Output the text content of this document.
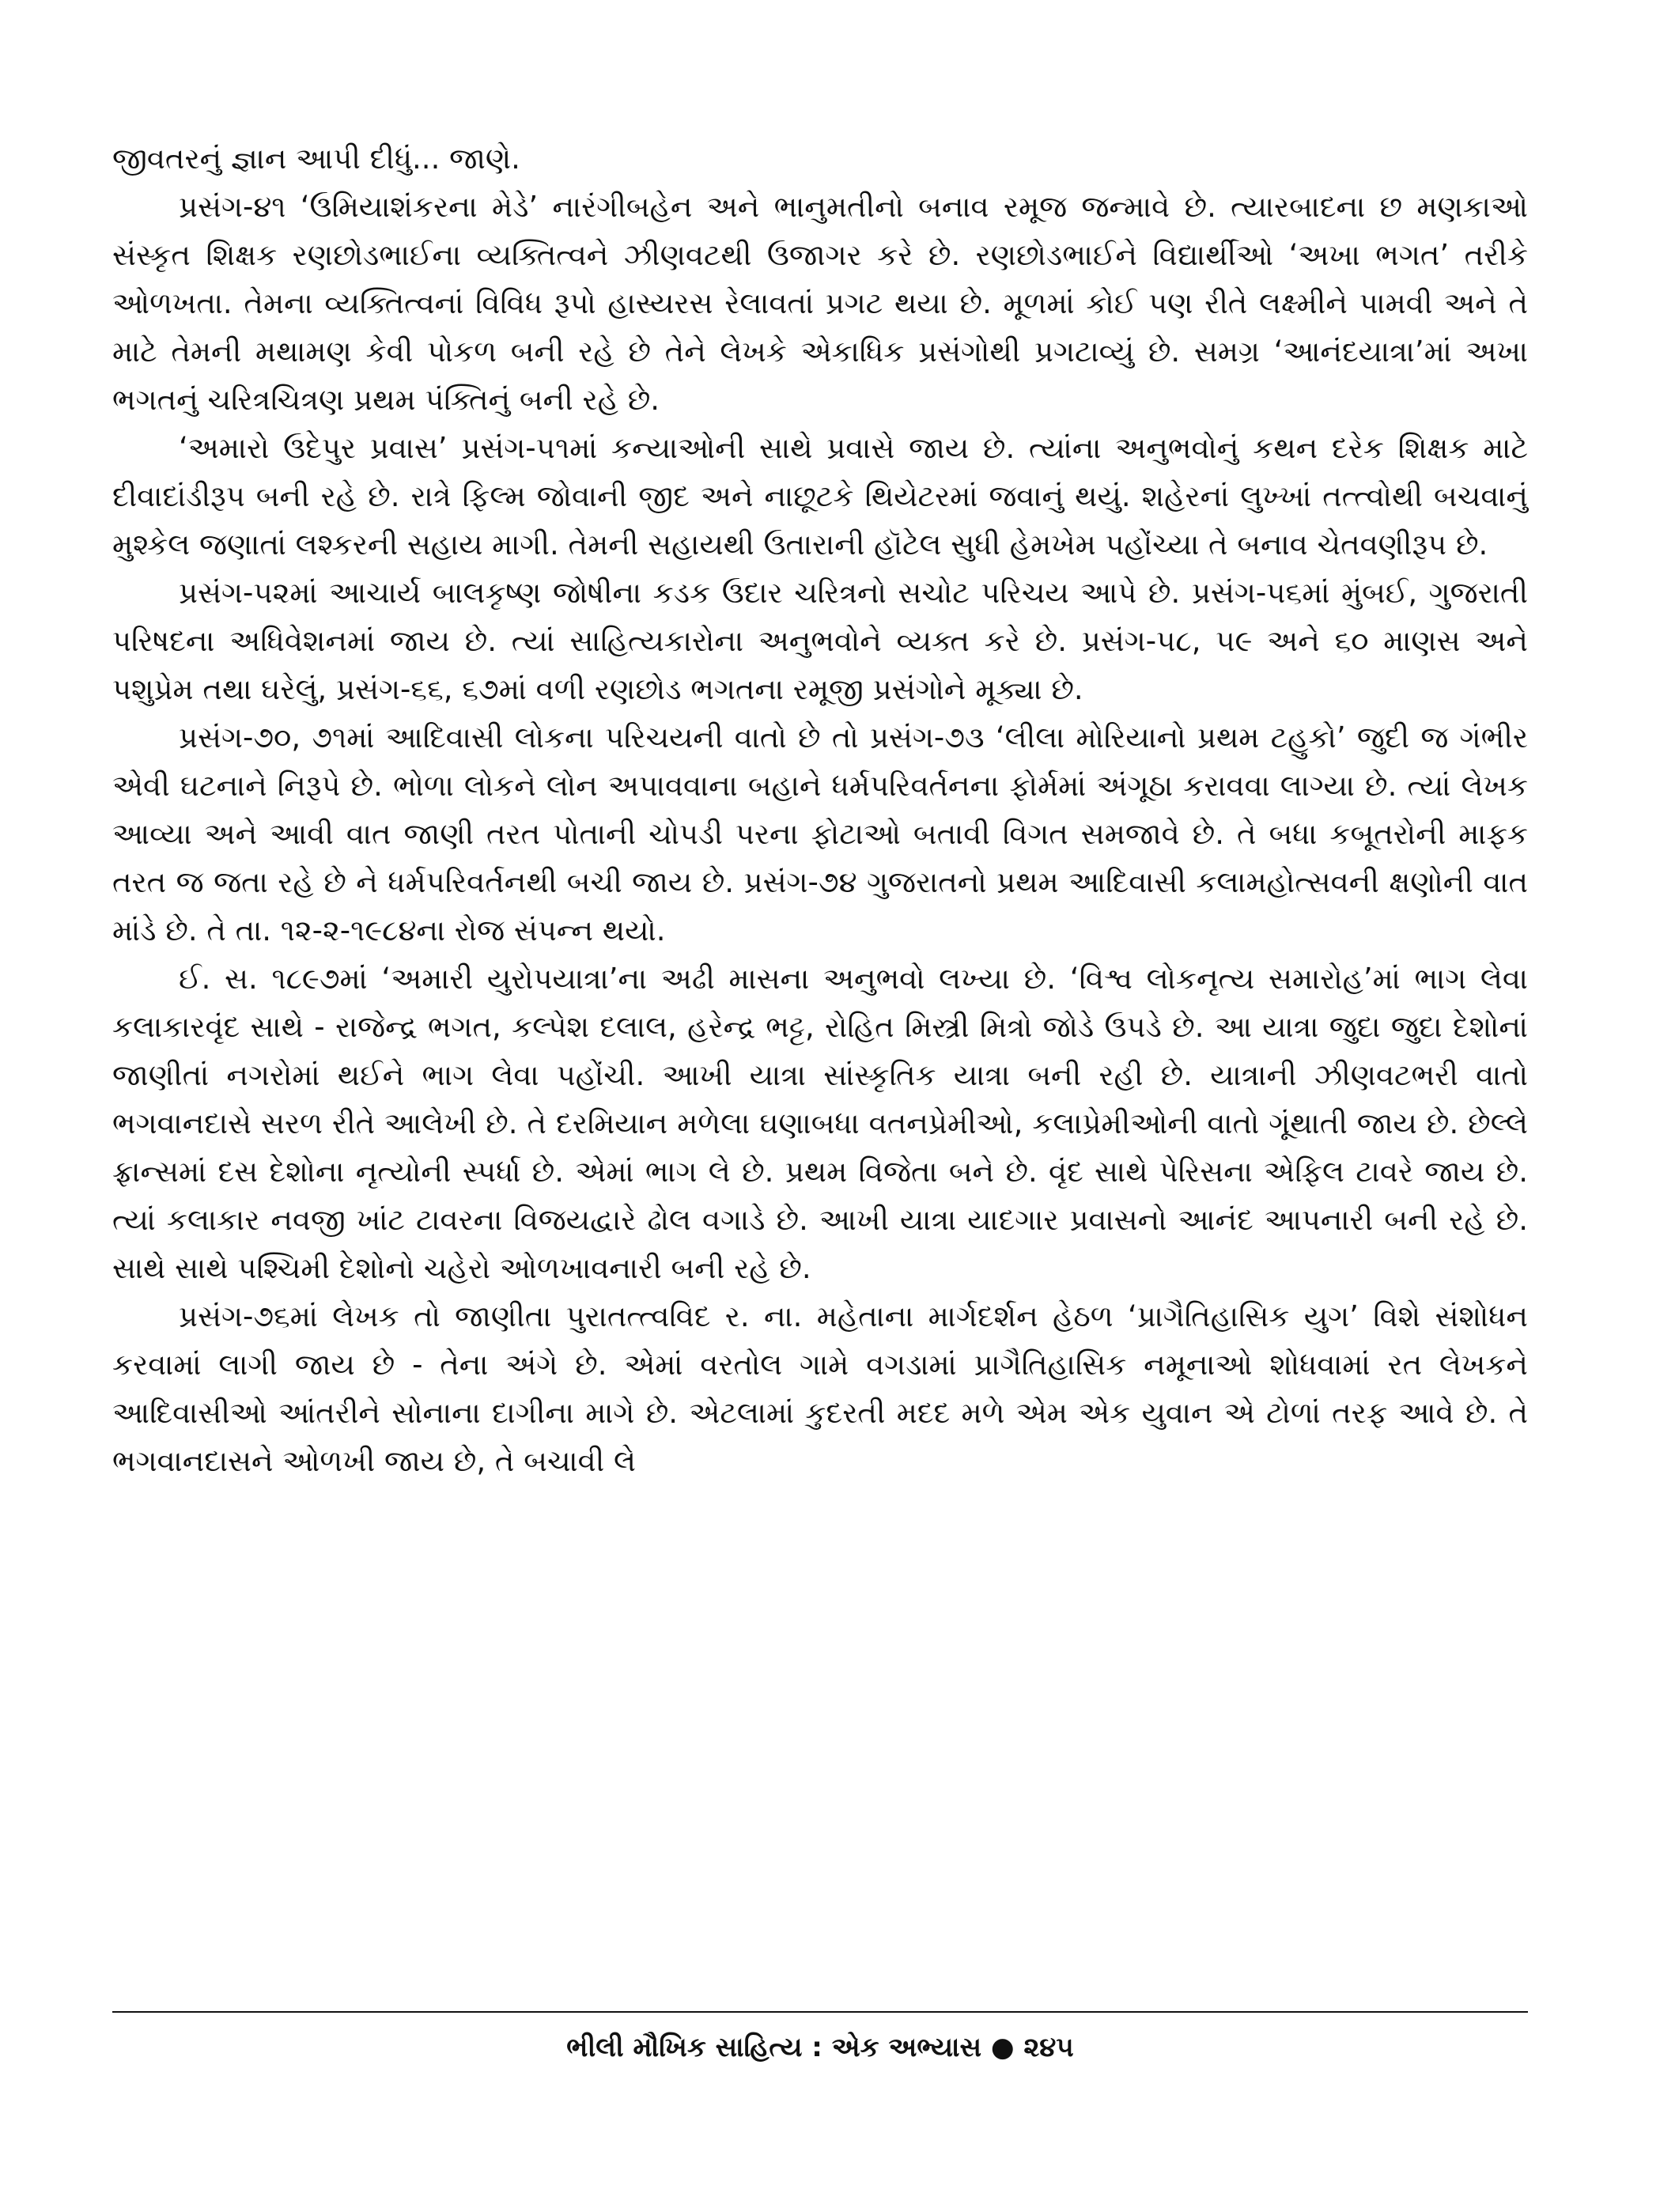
જીવતરનું જ્ઞાન આપી દીધું... જાણે.

પ્રસંગ-૪૧ ‘ઉમિયાશંકરના મેડે’ નારંગીબહેન અને ભાનુમતીનો બનાવ રમૂજ જન્માવે છે. ત્યારબાદના છ મણકાઓ સંસ્કૃત શિક્ષક રણછોડભાઈના વ્યક્તિત્વને ઝીણવટથી ઉજાગર કરે છે. રણછોડભાઈને વિદ્યાર્થીઓ ‘અખા ભગત’ તરીકે ઓળખતા. તેમના વ્યક્તિત્વનાં વિવિધ રૂપો હાસ્યરસ રેલાવતાં પ્રગટ થયા છે. મૂળમાં કોઈ પણ રીતે લક્ષ્મીને પામવી અને તે માટે તેમની મથામણ કેવી પોકળ બની રહે છે તેને લેખકે એકાધિક પ્રસંગોથી પ્રગટાવ્યું છે. સમગ્ર ‘આનંદયાત્રા’માં અખા ભગતનું ચરિત્રચિત્રણ પ્રથમ પંક્તિનું બની રહે છે.

‘અમારો ઉદેપુર પ્રવાસ’ પ્રસંગ-૫૧માં કન્યાઓની સાથે પ્રવાસે જાય છે. ત્યાંના અનુભવોનું કથન દરેક શિક્ષક માટે દીવાદાંડીરૂપ બની રહે છે. રાત્રે ફિલ્મ જોવાની જીદ અને નાછૂટકે થિયેટરમાં જવાનું થયું. શહેરનાં લુખ્ખાં તત્ત્વોથી બચવાનું મુશ્કેલ જણાતાં લશ્કરની સહાય માગી. તેમની સહાયથી ઉતારાની હૉટેલ સુધી હેમખેમ પહોંચ્યા તે બનાવ ચેતવણીરૂપ છે.

પ્રસંગ-૫૨માં આચાર્ય બાલકૃષ્ણ જોષીના કડક ઉદાર ચરિત્રનો સચોટ પરિચય આપે છે. પ્રસંગ-૫૬માં મુંબઈ, ગુજરાતી પરિષદના અધિવેશનમાં જાય છે. ત્યાં સાહિત્યકારોના અનુભવોને વ્યક્ત કરે છે. પ્રસંગ-૫૮, ૫૯ અને ૬૦ માણસ અને પશુપ્રેમ તથા ઘરેલું, પ્રસંગ-૬૬, ૬૭માં વળી રણછોડ ભગતના રમૂજી પ્રસંગોને મૂક્યા છે.

પ્રસંગ-૭૦, ૭૧માં આદિવાસી લોકના પરિચયની વાતો છે તો પ્રસંગ-૭૩ ‘લીલા મોરિયાનો પ્રથમ ટહુકો’ જુદી જ ગંભીર એવી ઘટનાને નિરૂપે છે. ભોળા લોકને લોન અપાવવાના બહાને ધર્મપરિવર્તનના ફોર્મમાં અંગૂઠા કરાવવા લાગ્યા છે. ત્યાં લેખક આવ્યા અને આવી વાત જાણી તરત પોતાની ચોપડી પરના ફોટાઓ બતાવી વિગત સમજાવે છે. તે બધા કબૂતરોની માફક તરત જ જતા રહે છે ને ધર્મપરિવર્તનથી બચી જાય છે. પ્રસંગ-૭૪ ગુજરાતનો પ્રથમ આદિવાસી કલામહોત્સવની ક્ષણોની વાત માંડે છે. તે તા. ૧૨-૨-૧૯૮૪ના રોજ સંપન્ન થયો.

ઈ. સ. ૧૮૯૭માં ‘અમારી યુરોપયાત્રા’ના અઢી માસના અનુભવો લખ્યા છે. ‘વિશ્વ લોકનૃત્ય સમારોહ’માં ભાગ લેવા કલાકારવૃંદ સાથે - રાજેન્દ્ર ભગત, કલ્પેશ દલાલ, હરેન્દ્ર ભટ્ટ, રોહિત મિસ્ત્રી મિત્રો જોડે ઉપડે છે. આ યાત્રા જુદા જુદા દેશોનાં જાણીતાં નગરોમાં થઈને ભાગ લેવા પહોંચી. આખી યાત્રા સાંસ્કૃતિક યાત્રા બની રહી છે. યાત્રાની ઝીણવટભરી વાતો ભગવાનદાસે સરળ રીતે આલેખી છે. તે દરમિયાન મળેલા ઘણાબધા વતનપ્રેમીઓ, કલાપ્રેમીઓની વાતો ગૂંથાતી જાય છે. છેલ્લે ફ્રાન્સમાં દસ દેશોના નૃત્યોની સ્પર્ધા છે. એમાં ભાગ લે છે. પ્રથમ વિજેતા બને છે. વૃંદ સાથે પેરિસના એફિલ ટાવરે જાય છે. ત્યાં કલાકાર નવજી ખાંટ ટાવરના વિજયદ્વારે ઢોલ વગાડે છે. આખી યાત્રા યાદગાર પ્રવાસનો આનંદ આપનારી બની રહે છે. સાથે સાથે પશ્ચિમી દેશોનો ચહેરો ઓળખાવનારી બની રહે છે.

પ્રસંગ-૭૬માં લેખક તો જાણીતા પુરાતત્ત્વવિદ ર. ના. મહેતાના માર્ગદર્શન હેઠળ ‘પ્રાગૈતિહાસિક યુગ’ વિશે સંશોધન કરવામાં લાગી જાય છે - તેના અંગે છે. એમાં વરતોલ ગામે વગડામાં પ્રાગૈતિહાસિક નમૂનાઓ શોધવામાં રત લેખકને આદિવાસીઓ આંતરીને સોનાના દાગીના માગે છે. એટલામાં કુદરતી મદદ મળે એમ એક યુવાન એ ટોળાં તરફ આવે છે. તે ભગવાનદાસને ઓળખી જાય છે, તે બચાવી લે

ભીલી મૌખિક સાહિત્ય : એક અભ્યાસ ● ૨૪૫
